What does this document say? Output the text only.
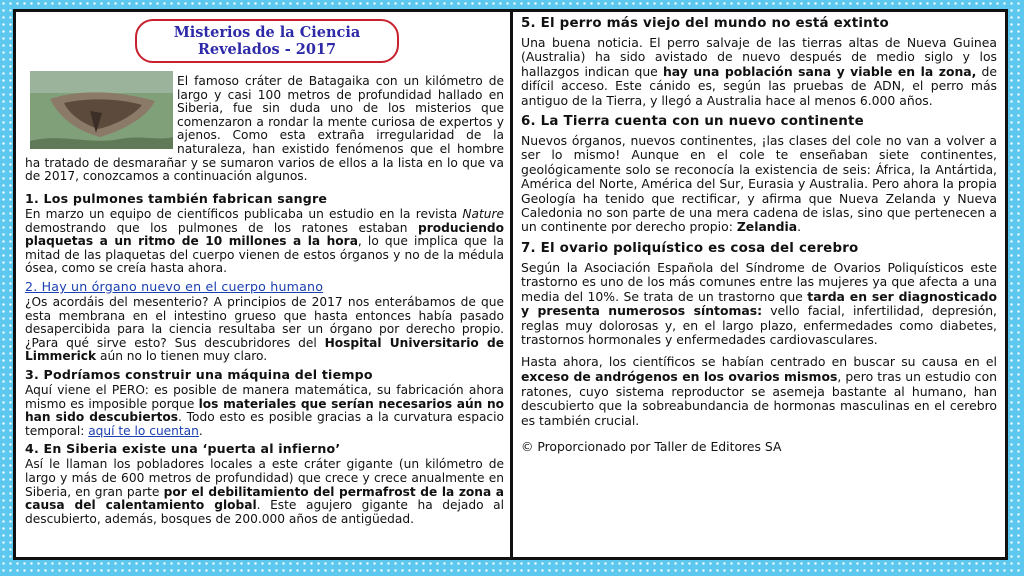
Misterios de la Ciencia
Revelados - 2017

El famoso cráter de Batagaika con un kilómetro de largo y casi 100 metros de profundidad hallado en Siberia, fue sin duda uno de los misterios que comenzaron a rondar la mente curiosa de expertos y ajenos. Como esta extraña irregularidad de la naturaleza, han existido fenómenos que el hombre ha tratado de desmarañar y se sumaron varios de ellos a la lista en lo que va de 2017, conozcamos a continuación algunos.

1. Los pulmones también fabrican sangre

En marzo un equipo de científicos publicaba un estudio en la revista Nature demostrando que los pulmones de los ratones estaban produciendo plaquetas a un ritmo de 10 millones a la hora, lo que implica que la mitad de las plaquetas del cuerpo vienen de estos órganos y no de la médula ósea, como se creía hasta ahora.

2. Hay un órgano nuevo en el cuerpo humano

¿Os acordáis del mesenterio? A principios de 2017 nos enterábamos de que esta membrana en el intestino grueso que hasta entonces había pasado desapercibida para la ciencia resultaba ser un órgano por derecho propio. ¿Para qué sirve esto? Sus descubridores del Hospital Universitario de Limmerick aún no lo tienen muy claro.

3. Podríamos construir una máquina del tiempo

Aquí viene el PERO: es posible de manera matemática, su fabricación ahora mismo es imposible porque los materiales que serían necesarios aún no han sido descubiertos. Todo esto es posible gracias a la curvatura espacio temporal: aquí te lo cuentan.

4. En Siberia existe una ‘puerta al infierno’

Así le llaman los pobladores locales a este cráter gigante (un kilómetro de largo y más de 600 metros de profundidad) que crece y crece anualmente en Siberia, en gran parte por el debilitamiento del permafrost de la zona a causa del calentamiento global. Este agujero gigante ha dejado al descubierto, además, bosques de 200.000 años de antigüedad.

5. El perro más viejo del mundo no está extinto

Una buena noticia. El perro salvaje de las tierras altas de Nueva Guinea (Australia) ha sido avistado de nuevo después de medio siglo y los hallazgos indican que hay una población sana y viable en la zona, de difícil acceso. Este cánido es, según las pruebas de ADN, el perro más antiguo de la Tierra, y llegó a Australia hace al menos 6.000 años.

6. La Tierra cuenta con un nuevo continente

Nuevos órganos, nuevos continentes, ¡las clases del cole no van a volver a ser lo mismo! Aunque en el cole te enseñaban siete continentes, geológicamente solo se reconocía la existencia de seis: África, la Antártida, América del Norte, América del Sur, Eurasia y Australia. Pero ahora la propia Geología ha tenido que rectificar, y afirma que Nueva Zelanda y Nueva Caledonia no son parte de una mera cadena de islas, sino que pertenecen a un continente por derecho propio: Zelandia.

7. El ovario poliquístico es cosa del cerebro

Según la Asociación Española del Síndrome de Ovarios Poliquísticos este trastorno es uno de los más comunes entre las mujeres ya que afecta a una media del 10%. Se trata de un trastorno que tarda en ser diagnosticado y presenta numerosos síntomas: vello facial, infertilidad, depresión, reglas muy dolorosas y, en el largo plazo, enfermedades como diabetes, trastornos hormonales y enfermedades cardiovasculares.

Hasta ahora, los científicos se habían centrado en buscar su causa en el exceso de andrógenos en los ovarios mismos, pero tras un estudio con ratones, cuyo sistema reproductor se asemeja bastante al humano, han descubierto que la sobreabundancia de hormonas masculinas en el cerebro es también crucial.

© Proporcionado por Taller de Editores SA
